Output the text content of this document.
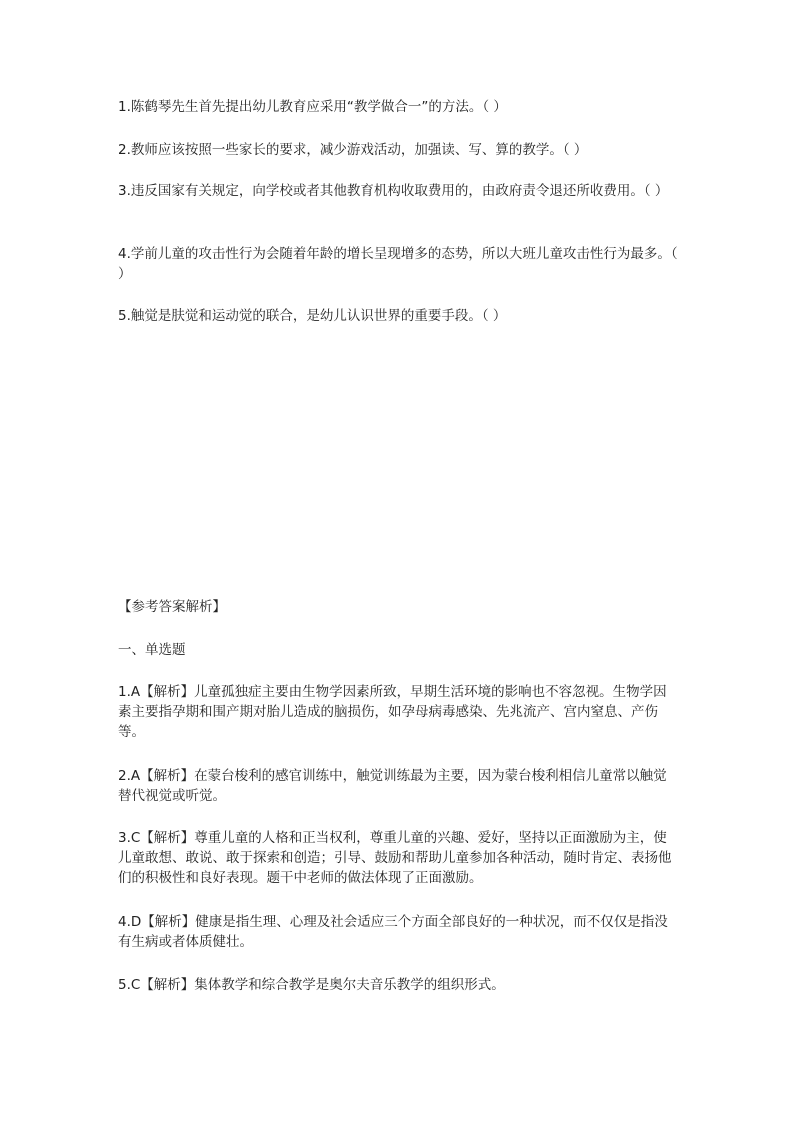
1.陈鹤琴先生首先提出幼儿教育应采用“教学做合一”的方法。（ ）

2.教师应该按照一些家长的要求，减少游戏活动，加强读、写、算的教学。（ ）

3.违反国家有关规定，向学校或者其他教育机构收取费用的，由政府责令退还所收费用。（ ）

4.学前儿童的攻击性行为会随着年龄的增长呈现增多的态势，所以大班儿童攻击性行为最多。（ ）

5.触觉是肤觉和运动觉的联合，是幼儿认识世界的重要手段。（ ）

【参考答案解析】

一、单选题

1.A【解析】儿童孤独症主要由生物学因素所致，早期生活环境的影响也不容忽视。生物学因素主要指孕期和围产期对胎儿造成的脑损伤，如孕母病毒感染、先兆流产、宫内窒息、产伤等。

2.A【解析】在蒙台梭利的感官训练中，触觉训练最为主要，因为蒙台梭利相信儿童常以触觉替代视觉或听觉。

3.C【解析】尊重儿童的人格和正当权利，尊重儿童的兴趣、爱好，坚持以正面激励为主，使儿童敢想、敢说、敢于探索和创造；引导、鼓励和帮助儿童参加各种活动，随时肯定、表扬他们的积极性和良好表现。题干中老师的做法体现了正面激励。

4.D【解析】健康是指生理、心理及社会适应三个方面全部良好的一种状况，而不仅仅是指没有生病或者体质健壮。

5.C【解析】集体教学和综合教学是奥尔夫音乐教学的组织形式。
